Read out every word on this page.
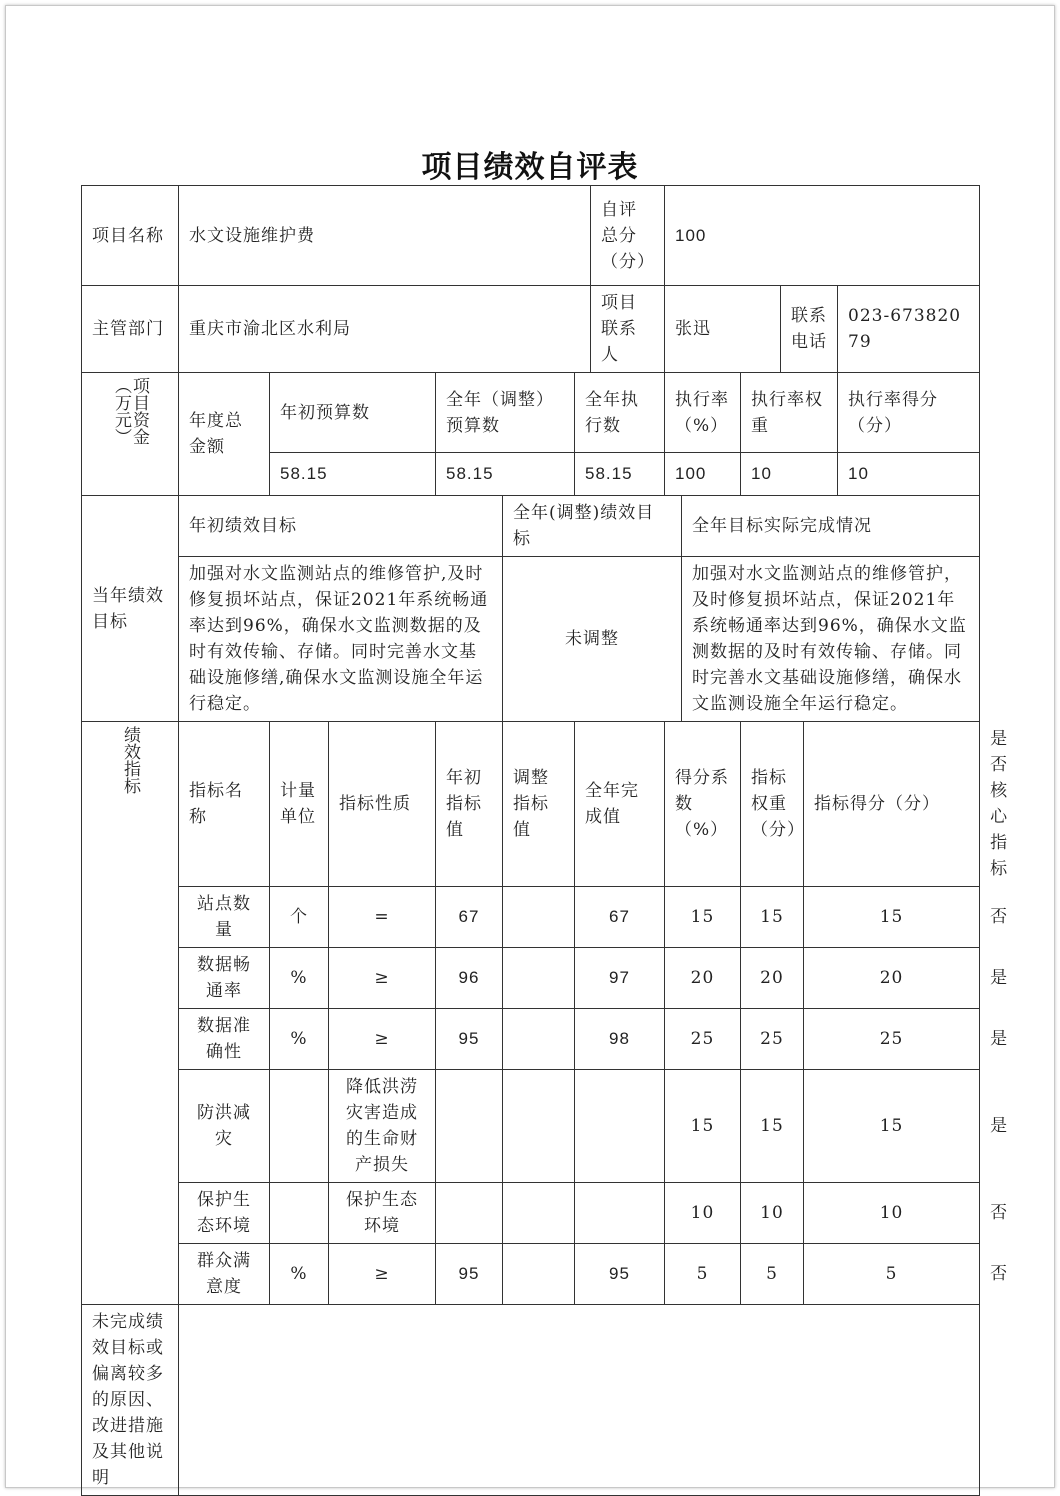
项目绩效自评表
项目名称	水文设施维护费						自评总分（分）	100						
主管部门	重庆市渝北区水利局						项目联系人	张迅			联系电话		023-67382079	
（万元）项目资金	年度总金额	年初预算数		全年（调整）预算数		全年执行数		执行率（%）		执行率权重			执行率得分（分）	
		58.15		58.15		58.15		100		10			10	
当年绩效目标	年初绩效目标				全年(调整)绩效目标				全年目标实际完成情况					
	加强对水文监测站点的维修管护,及时修复损坏站点，保证2021年系统畅通率达到96%，确保水文监测数据的及时有效传输、存储。同时完善水文基础设施修缮,确保水文监测设施全年运行稳定。				未调整				加强对水文监测站点的维修管护，及时修复损坏站点，保证2021年系统畅通率达到96%，确保水文监测数据的及时有效传输、存储。同时完善水文基础设施修缮，确保水文监测设施全年运行稳定。					
绩效指标	指标名称	计量单位	指标性质	年初指标值	调整指标值	全年完成值		得分系数（%）		指标权重（分）		指标得分（分）		是否核心指标
	站点数量	个	=	67		67		15		15		15		否
	数据畅通率	%	≥	96		97		20		20		20		是
	数据准确性	%	≥	95		98		25		25		25		是
	防洪减灾		降低洪涝灾害造成的生命财产损失					15		15		15		是
	保护生态环境		保护生态环境					10		10		10		否
	群众满意度	%	≥	95		95		5		5		5		否
未完成绩效目标或偏离较多的原因、改进措施及其他说明														
